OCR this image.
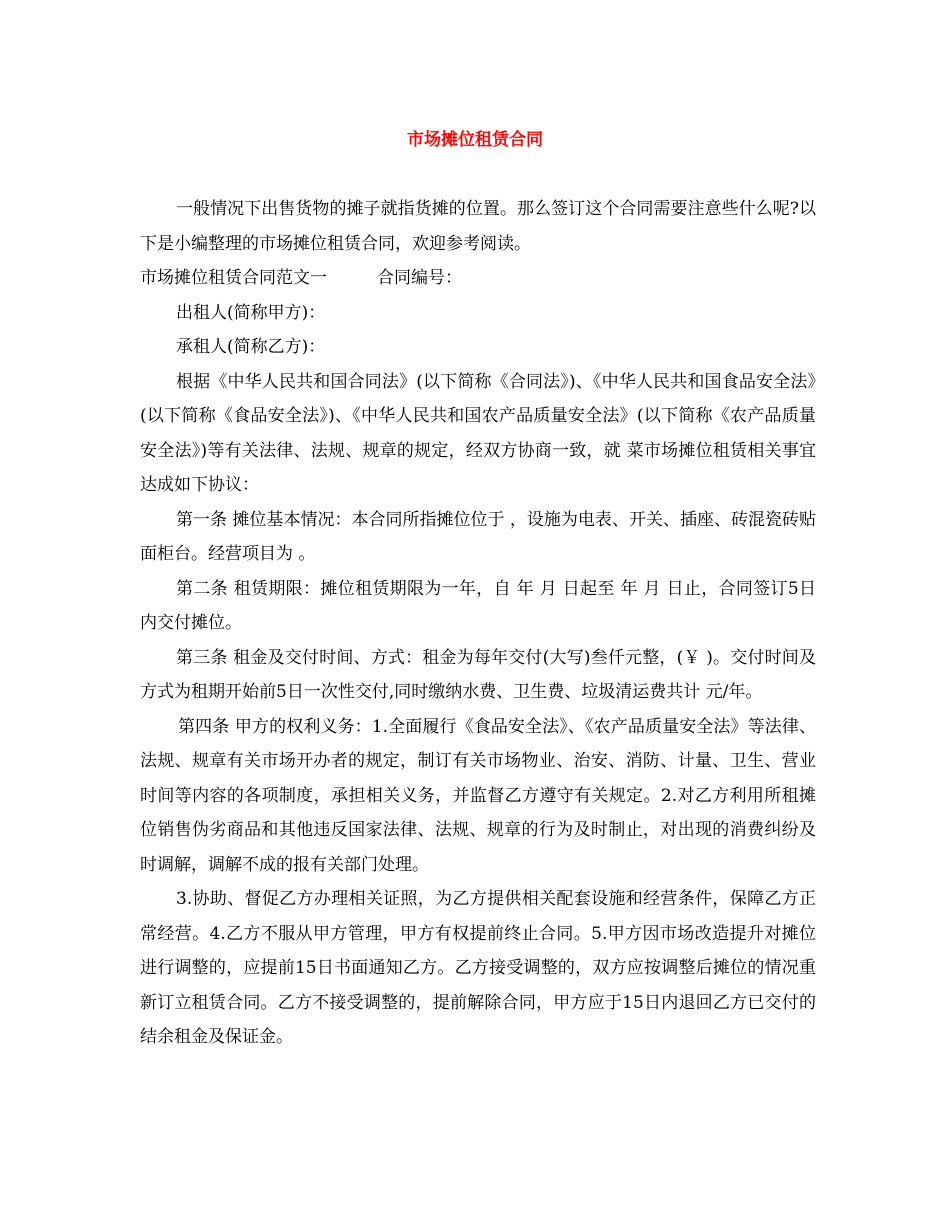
市场摊位租赁合同

一般情况下出售货物的摊子就指货摊的位置。那么签订这个合同需要注意些什么呢?以下是小编整理的市场摊位租赁合同，欢迎参考阅读。

市场摊位租赁合同范文一	合同编号：

出租人(简称甲方)：

承租人(简称乙方)：

根据《中华人民共和国合同法》(以下简称《合同法》)、《中华人民共和国食品安全法》(以下简称《食品安全法》)、《中华人民共和国农产品质量安全法》(以下简称《农产品质量安全法》)等有关法律、法规、规章的规定，经双方协商一致，就 菜市场摊位租赁相关事宜达成如下协议：

第一条 摊位基本情况：本合同所指摊位位于 ，设施为电表、开关、插座、砖混瓷砖贴面柜台。经营项目为 。

第二条 租赁期限：摊位租赁期限为一年，自 年 月 日起至 年 月 日止，合同签订5日内交付摊位。

第三条 租金及交付时间、方式：租金为每年交付(大写)叁仟元整，(￥ )。交付时间及方式为租期开始前5日一次性交付,同时缴纳水费、卫生费、垃圾清运费共计 元/年。

第四条 甲方的权利义务：1.全面履行《食品安全法》、《农产品质量安全法》等法律、法规、规章有关市场开办者的规定，制订有关市场物业、治安、消防、计量、卫生、营业时间等内容的各项制度，承担相关义务，并监督乙方遵守有关规定。2.对乙方利用所租摊位销售伪劣商品和其他违反国家法律、法规、规章的行为及时制止，对出现的消费纠纷及时调解，调解不成的报有关部门处理。

3.协助、督促乙方办理相关证照，为乙方提供相关配套设施和经营条件，保障乙方正常经营。4.乙方不服从甲方管理，甲方有权提前终止合同。5.甲方因市场改造提升对摊位进行调整的，应提前15日书面通知乙方。乙方接受调整的，双方应按调整后摊位的情况重新订立租赁合同。乙方不接受调整的，提前解除合同，甲方应于15日内退回乙方已交付的结余租金及保证金。
